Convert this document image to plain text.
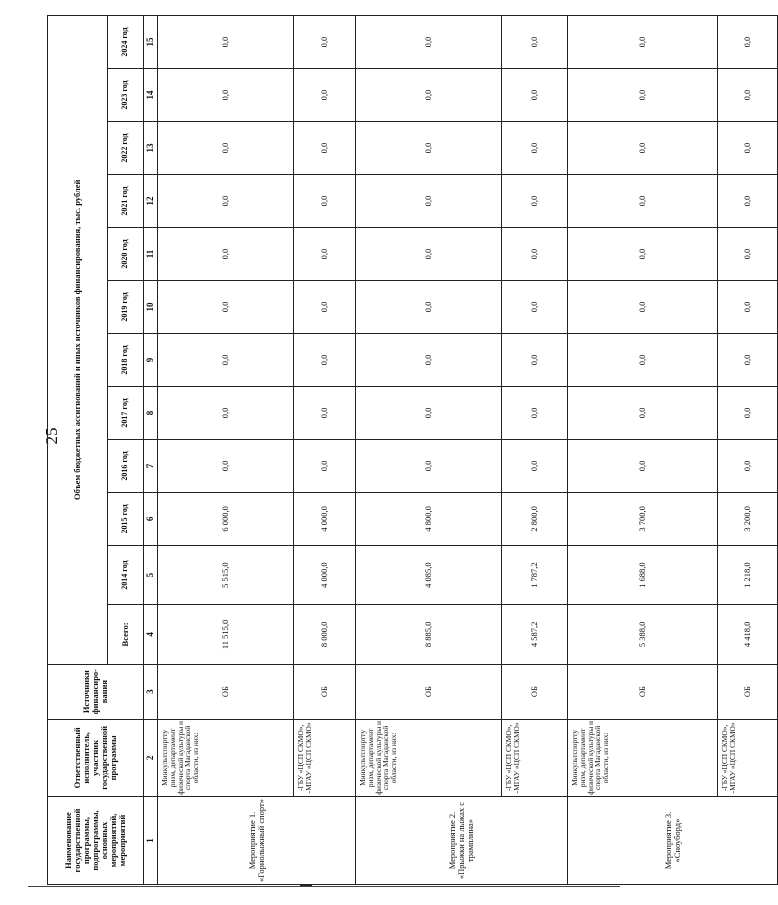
25
Наименование государственной программы, подпрограммы, основных мероприятий, мероприятий	Ответственный исполнитель, участник государственной программы	Источники финансиро-вания	Объем бюджетных ассигнований и иных источников финансирования, тыс. рублей											
			Всего:	2014 год	2015 год	2016 год	2017 год	2018 год	2019 год	2020 год	2021 год	2022 год	2023 год	2024 год
1	2	3	4	5	6	7	8	9	10	11	12	13	14	15
Мероприятие 1. «Горнолыжный спорт»	Минкультспортту ризм, департамент физической культуры и спорта Магаданской области, из них:	ОБ	11 515,0	5 515,0	6 000,0	0,0	0,0	0,0	0,0	0,0	0,0	0,0	0,0	0,0
	-ГБУ «ЦСП СКМО», -МГАУ «ЦСП СКМО»	ОБ	8 000,0	4 000,0	4 000,0	0,0	0,0	0,0	0,0	0,0	0,0	0,0	0,0	0,0
Мероприятие 2. «Прыжки на лыжах с трамплина»	Минкультспортту ризм, департамент физической культуры и спорта Магаданской области, из них:	ОБ	8 885,0	4 085,0	4 800,0	0,0	0,0	0,0	0,0	0,0	0,0	0,0	0,0	0,0
	-ГБУ «ЦСП СКМО», -МГАУ «ЦСП СКМО»	ОБ	4 587,2	1 787,2	2 800,0	0,0	0,0	0,0	0,0	0,0	0,0	0,0	0,0	0,0
Мероприятие 3. «Сноуборд»	Минкультспортту ризм, департамент физической культуры и спорта Магаданской области, из них:	ОБ	5 388,0	1 688,0	3 700,0	0,0	0,0	0,0	0,0	0,0	0,0	0,0	0,0	0,0
	-ГБУ «ЦСП СКМО», -МГАУ «ЦСП СКМО»	ОБ	4 418,0	1 218,0	3 200,0	0,0	0,0	0,0	0,0	0,0	0,0	0,0	0,0	0,0
